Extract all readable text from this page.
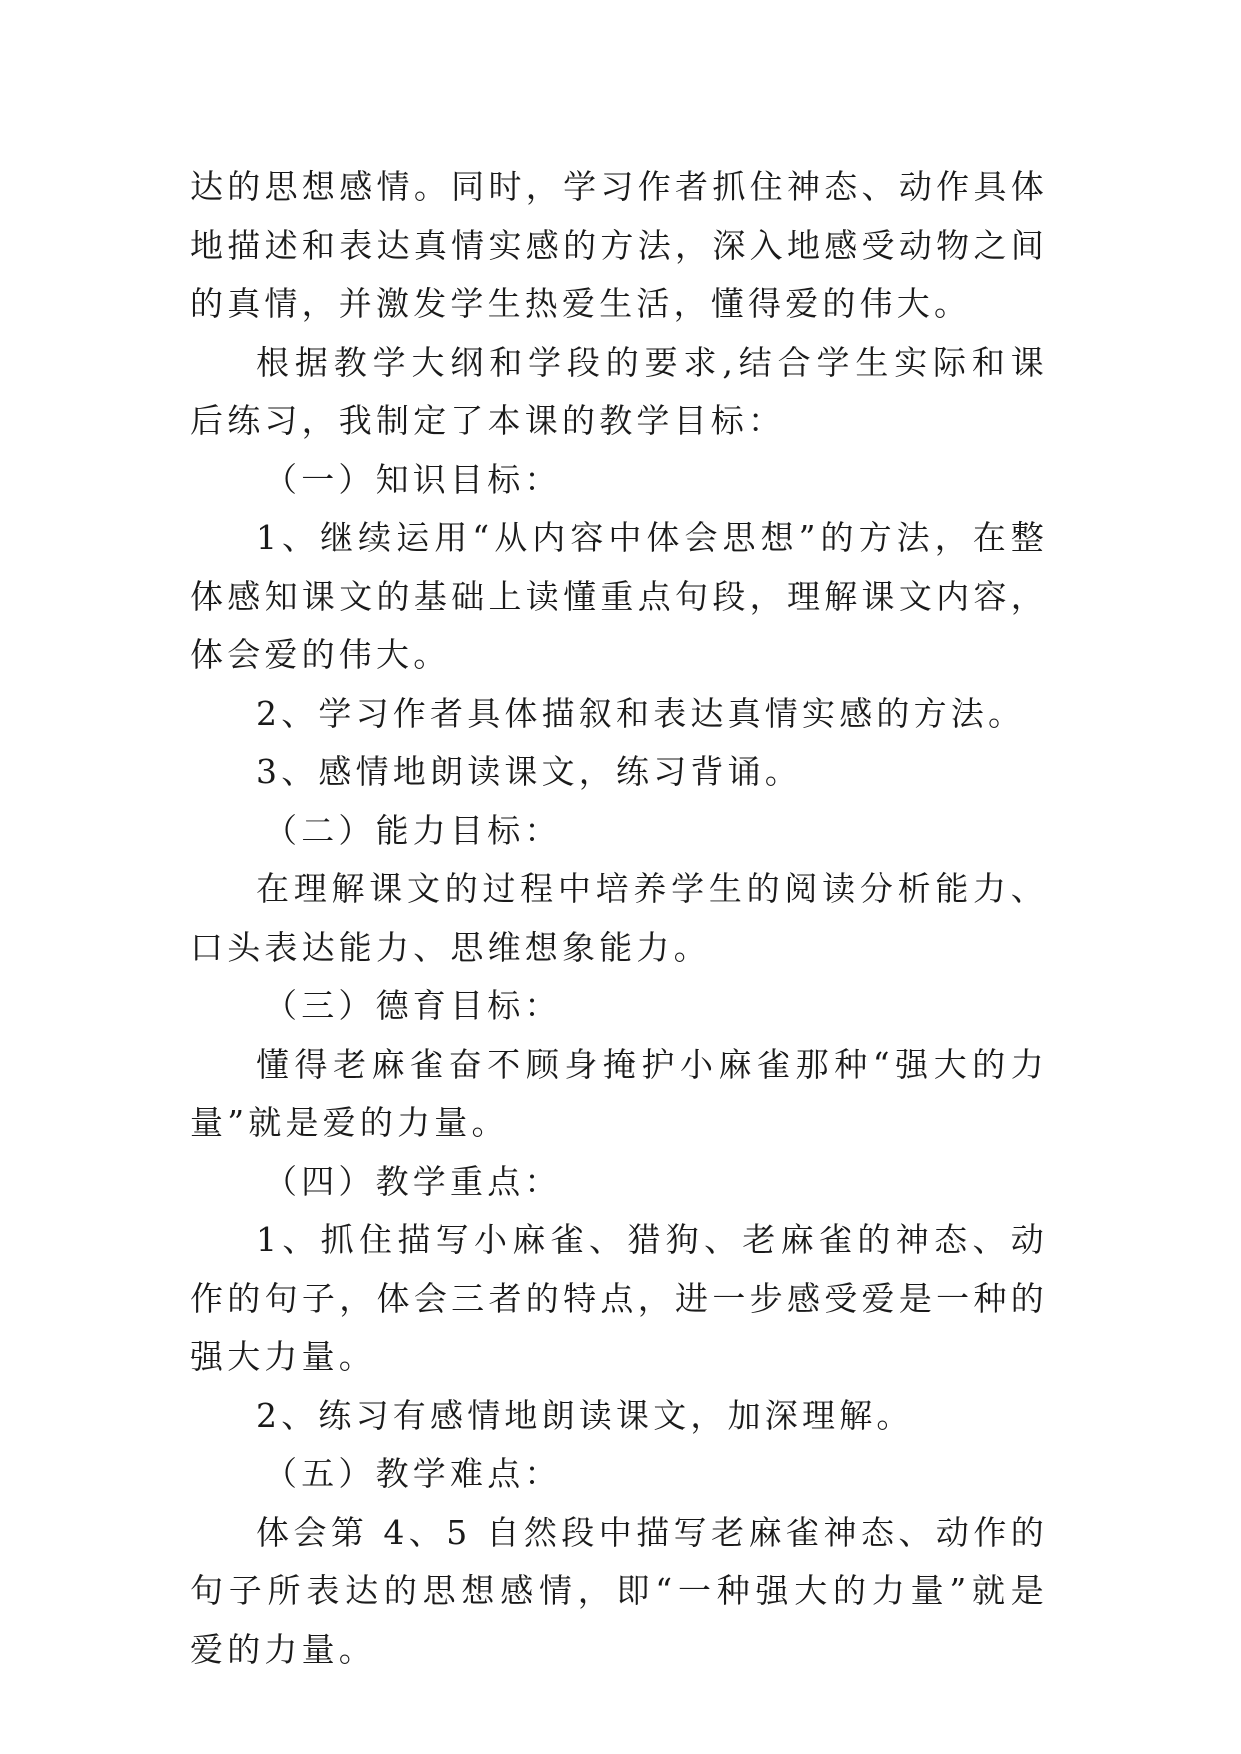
达的思想感情。同时，学习作者抓住神态、动作具体地描述和表达真情实感的方法，深入地感受动物之间的真情，并激发学生热爱生活，懂得爱的伟大。

根据教学大纲和学段的要求,结合学生实际和课后练习，我制定了本课的教学目标：

（一）知识目标：

1、继续运用“从内容中体会思想”的方法，在整体感知课文的基础上读懂重点句段，理解课文内容，体会爱的伟大。

2、学习作者具体描叙和表达真情实感的方法。

3、感情地朗读课文，练习背诵。

（二）能力目标：

在理解课文的过程中培养学生的阅读分析能力、口头表达能力、思维想象能力。

（三）德育目标：

懂得老麻雀奋不顾身掩护小麻雀那种“强大的力量”就是爱的力量。

（四）教学重点：

1、抓住描写小麻雀、猎狗、老麻雀的神态、动作的句子，体会三者的特点，进一步感受爱是一种的强大力量。

2、练习有感情地朗读课文，加深理解。

（五）教学难点：

体会第 4、5 自然段中描写老麻雀神态、动作的句子所表达的思想感情，即“一种强大的力量”就是爱的力量。
